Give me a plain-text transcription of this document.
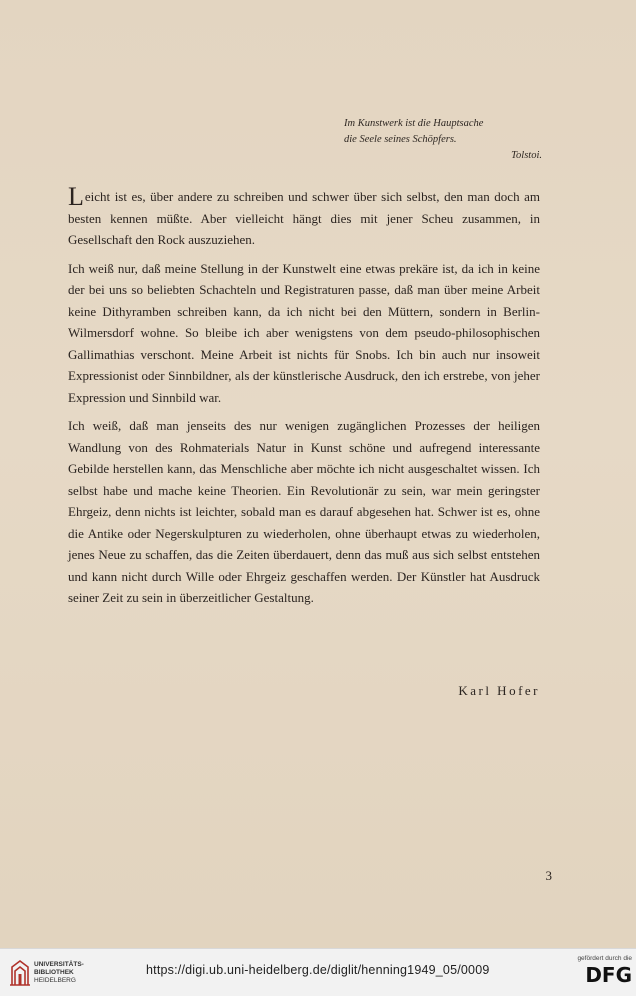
Im Kunstwerk ist die Hauptsache
die Seele seines Schöpfers.
Tolstoi.

Leicht ist es, über andere zu schreiben und schwer über sich selbst, den man doch am besten kennen müßte. Aber vielleicht hängt dies mit jener Scheu zusammen, in Gesellschaft den Rock auszuziehen.

Ich weiß nur, daß meine Stellung in der Kunstwelt eine etwas prekäre ist, da ich in keine der bei uns so beliebten Schachteln und Registraturen passe, daß man über meine Arbeit keine Dithyramben schreiben kann, da ich nicht bei den Müttern, sondern in Berlin-Wilmersdorf wohne. So bleibe ich aber wenigstens von dem pseudo-philosophischen Gallimathias verschont. Meine Arbeit ist nichts für Snobs. Ich bin auch nur insoweit Expressionist oder Sinnbildner, als der künstlerische Ausdruck, den ich erstrebe, von jeher Expression und Sinnbild war.

Ich weiß, daß man jenseits des nur wenigen zugänglichen Prozesses der heiligen Wandlung von des Rohmaterials Natur in Kunst schöne und aufregend interessante Gebilde herstellen kann, das Menschliche aber möchte ich nicht ausgeschaltet wissen. Ich selbst habe und mache keine Theorien. Ein Revolutionär zu sein, war mein geringster Ehrgeiz, denn nichts ist leichter, sobald man es darauf abgesehen hat. Schwer ist es, ohne die Antike oder Negerskulpturen zu wiederholen, ohne überhaupt etwas zu wiederholen, jenes Neue zu schaffen, das die Zeiten überdauert, denn das muß aus sich selbst entstehen und kann nicht durch Wille oder Ehrgeiz geschaffen werden. Der Künstler hat Ausdruck seiner Zeit zu sein in überzeitlicher Gestaltung.

Karl Hofer
3
UNIVERSITÄTS-
BIBLIOTHEK
HEIDELBERG
https://digi.ub.uni-heidelberg.de/diglit/henning1949_05/0009
gefördert durch die
DFG
